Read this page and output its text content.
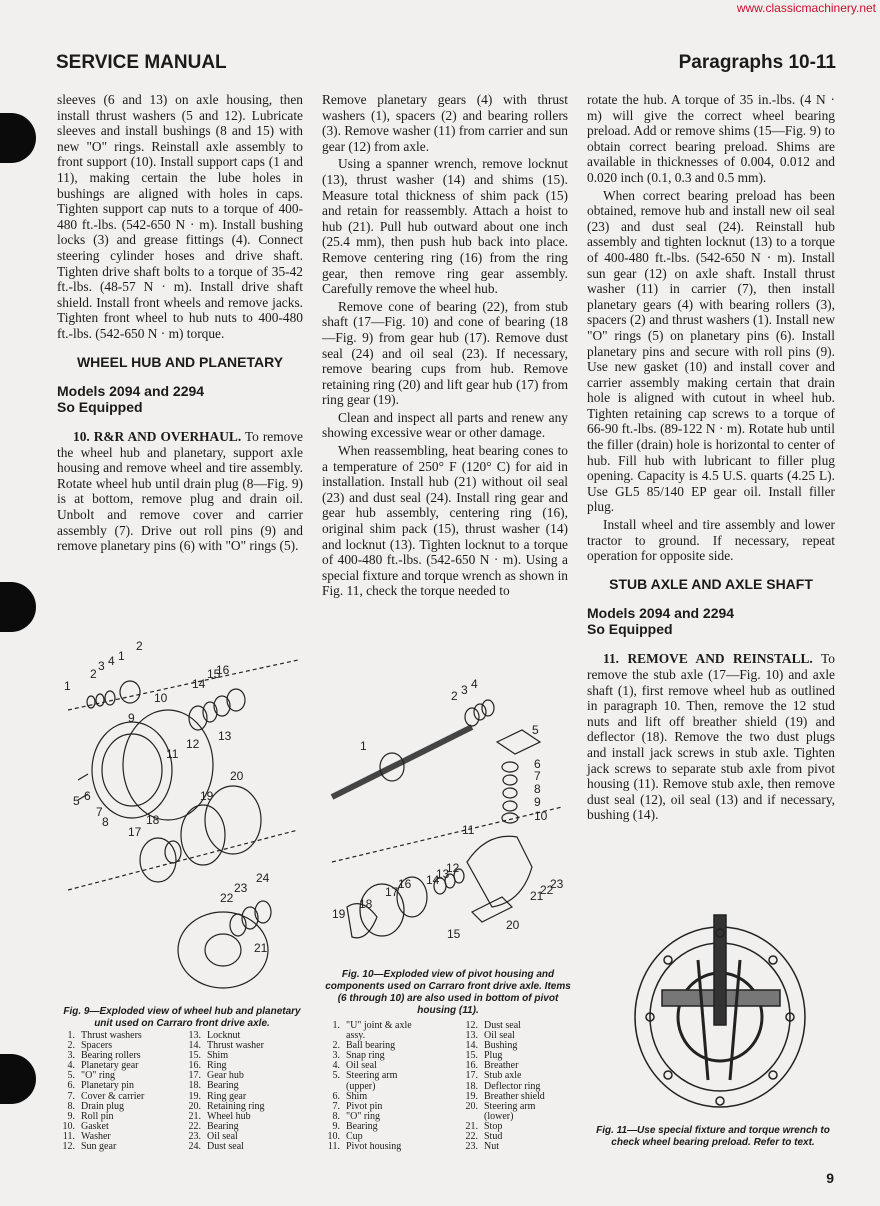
www.classicmachinery.net
SERVICE MANUAL	Paragraphs 10-11

sleeves (6 and 13) on axle housing, then install thrust washers (5 and 12). Lubricate sleeves and install bushings (8 and 15) with new "O" rings. Reinstall axle assembly to front support (10). Install support caps (1 and 11), making certain the lube holes in bushings are aligned with holes in caps. Tighten support cap nuts to a torque of 400-480 ft.-lbs. (542-650 N · m). Install bushing locks (3) and grease fittings (4). Connect steering cylinder hoses and drive shaft. Tighten drive shaft bolts to a torque of 35-42 ft.-lbs. (48-57 N · m). Install drive shaft shield. Install front wheels and remove jacks. Tighten front wheel to hub nuts to 400-480 ft.-lbs. (542-650 N · m) torque.

WHEEL HUB AND PLANETARY
Models 2094 and 2294
So Equipped

10. R&R AND OVERHAUL. To remove the wheel hub and planetary, support axle housing and remove wheel and tire assembly. Rotate wheel hub until drain plug (8—Fig. 9) is at bottom, remove plug and drain oil. Unbolt and remove cover and carrier assembly (7). Drive out roll pins (9) and remove planetary pins (6) with "O" rings (5).

Remove planetary gears (4) with thrust washers (1), spacers (2) and bearing rollers (3). Remove washer (11) from carrier and sun gear (12) from axle.

Using a spanner wrench, remove locknut (13), thrust washer (14) and shims (15). Measure total thickness of shim pack (15) and retain for reassembly. Attach a hoist to hub (21). Pull hub outward about one inch (25.4 mm), then push hub back into place. Remove centering ring (16) from the ring gear, then remove ring gear assembly. Carefully remove the wheel hub.

Remove cone of bearing (22), from stub shaft (17—Fig. 10) and cone of bearing (18—Fig. 9) from gear hub (17). Remove dust seal (24) and oil seal (23). If necessary, remove bearing cups from hub. Remove retaining ring (20) and lift gear hub (17) from ring gear (19).

Clean and inspect all parts and renew any showing excessive wear or other damage.

When reassembling, heat bearing cones to a temperature of 250° F (120° C) for aid in installation. Install hub (21) without oil seal (23) and dust seal (24). Install ring gear and gear hub assembly, centering ring (16), original shim pack (15), thrust washer (14) and locknut (13). Tighten locknut to a torque of 400-480 ft.-lbs. (542-650 N · m). Using a special fixture and torque wrench as shown in Fig. 11, check the torque needed to

rotate the hub. A torque of 35 in.-lbs. (4 N · m) will give the correct wheel bearing preload. Add or remove shims (15—Fig. 9) to obtain correct bearing preload. Shims are available in thicknesses of 0.004, 0.012 and 0.020 inch (0.1, 0.3 and 0.5 mm).

When correct bearing preload has been obtained, remove hub and install new oil seal (23) and dust seal (24). Reinstall hub assembly and tighten locknut (13) to a torque of 400-480 ft.-lbs. (542-650 N · m). Install sun gear (12) on axle shaft. Install thrust washer (11) in carrier (7), then install planetary gears (4) with bearing rollers (3), spacers (2) and thrust washers (1). Install new "O" rings (5) on planetary pins (6). Install planetary pins and secure with roll pins (9). Use new gasket (10) and install cover and carrier assembly making certain that drain hole is aligned with cutout in wheel hub. Tighten retaining cap screws to a torque of 66-90 ft.-lbs. (89-122 N · m). Rotate hub until the filler (drain) hole is horizontal to center of hub. Fill hub with lubricant to filler plug opening. Capacity is 4.5 U.S. quarts (4.25 L). Use GL5 85/140 EP gear oil. Install filler plug.

Install wheel and tire assembly and lower tractor to ground. If necessary, repeat operation for opposite side.

STUB AXLE AND AXLE SHAFT
Models 2094 and 2294
So Equipped

11. REMOVE AND REINSTALL. To remove the stub axle (17—Fig. 10) and axle shaft (1), first remove wheel hub as outlined in paragraph 10. Then, remove the 12 stud nuts and lift off breather shield (19) and deflector (18). Remove the two dust plugs and install jack screws in stub axle. Tighten jack screws to separate stub axle from pivot housing (11). Remove stub axle, then remove dust seal (12), oil seal (13) and if necessary, bushing (14).

1
2
3 4 1
2
10
14
15
16
9
11
12
13
5 6
7
8
20
19
17
18
22
23
24
21
Fig. 9—Exploded view of wheel hub and planetary unit used on Carraro front drive axle.
1. Thrust washers
2. Spacers
3. Bearing rollers
4. Planetary gear
5. "O" ring
6. Planetary pin
7. Cover & carrier
8. Drain plug
9. Roll pin
10. Gasket
11. Washer
12. Sun gear
13. Locknut
14. Thrust washer
15. Shim
16. Ring
17. Gear hub
18. Bearing
19. Ring gear
20. Retaining ring
21. Wheel hub
22. Bearing
23. Oil seal
24. Dust seal
2 3 4
1
5
6
7
8
9
10
11
16 14
13
12
17
18
19
15
20
21
22
23
Fig. 10—Exploded view of pivot housing and components used on Carraro front drive axle. Items (6 through 10) are also used in bottom of pivot housing (11).
1. "U" joint & axle
assy.
2. Ball bearing
3. Snap ring
4. Oil seal
5. Steering arm
(upper)
6. Shim
7. Pivot pin
8. "O" ring
9. Bearing
10. Cup
11. Pivot housing
12. Dust seal
13. Oil seal
14. Bushing
15. Plug
16. Breather
17. Stub axle
18. Deflector ring
19. Breather shield
20. Steering arm
(lower)
21. Stop
22. Stud
23. Nut
Fig. 11—Use special fixture and torque wrench to check wheel bearing preload. Refer to text.
9
